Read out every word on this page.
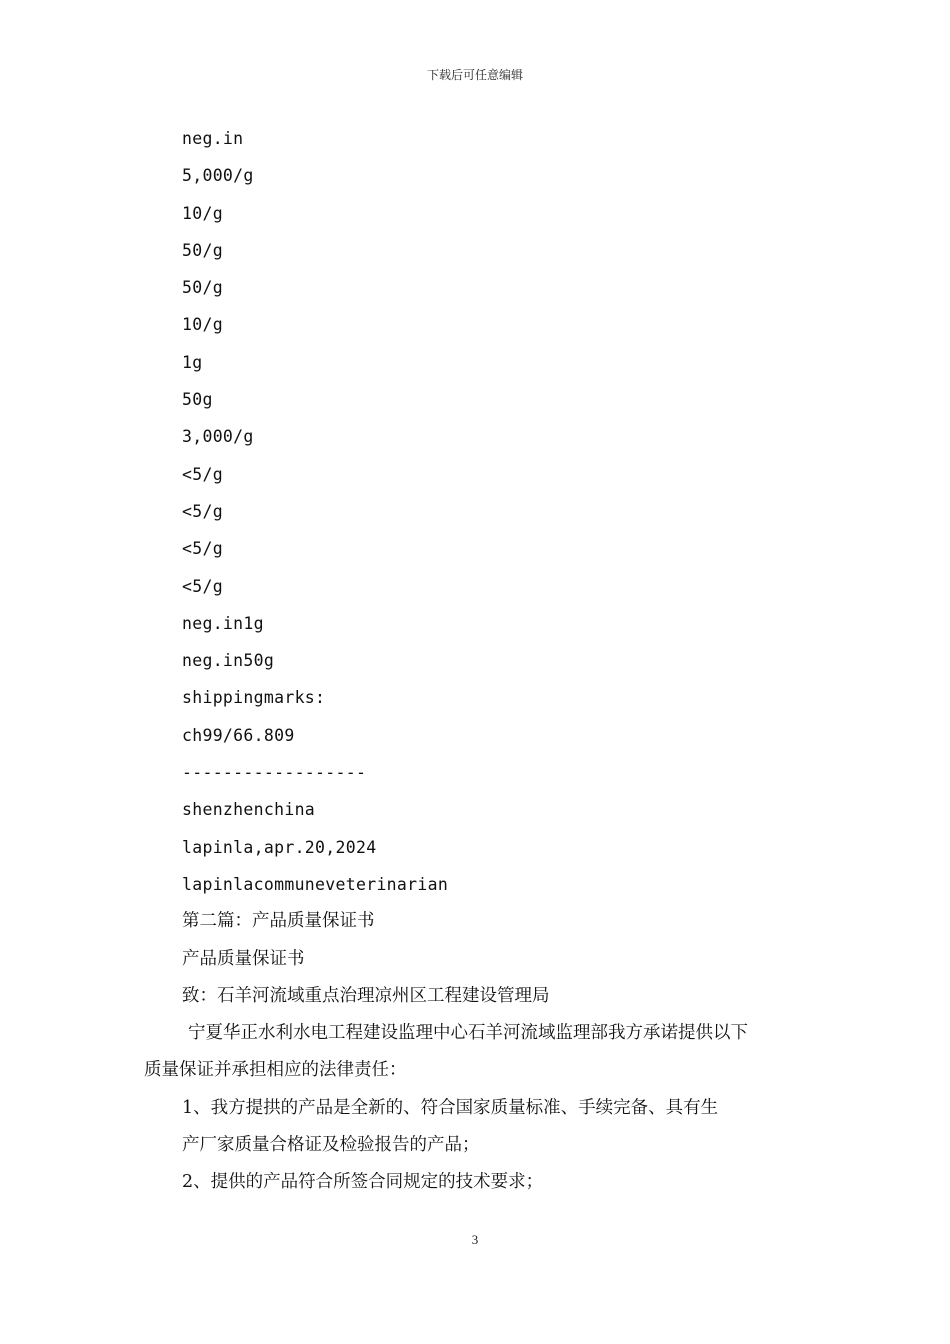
下载后可任意编辑
neg.in
5,000/g
10/g
50/g
50/g
10/g
1g
50g
3,000/g
<5/g
<5/g
<5/g
<5/g
neg.in1g
neg.in50g
shippingmarks:
ch99/66.809
------------------
shenzhenchina
lapinla,apr.20,2024
lapinlacommuneveterinarian
第二篇：产品质量保证书
产品质量保证书
致：石羊河流域重点治理凉州区工程建设管理局
宁夏华正水利水电工程建设监理中心石羊河流域监理部我方承诺提供以下
质量保证并承担相应的法律责任：
1、我方提拱的产品是全新的、符合国家质量标准、手续完备、具有生
产厂家质量合格证及检验报告的产品；
2、提供的产品符合所签合同规定的技术要求；
3
